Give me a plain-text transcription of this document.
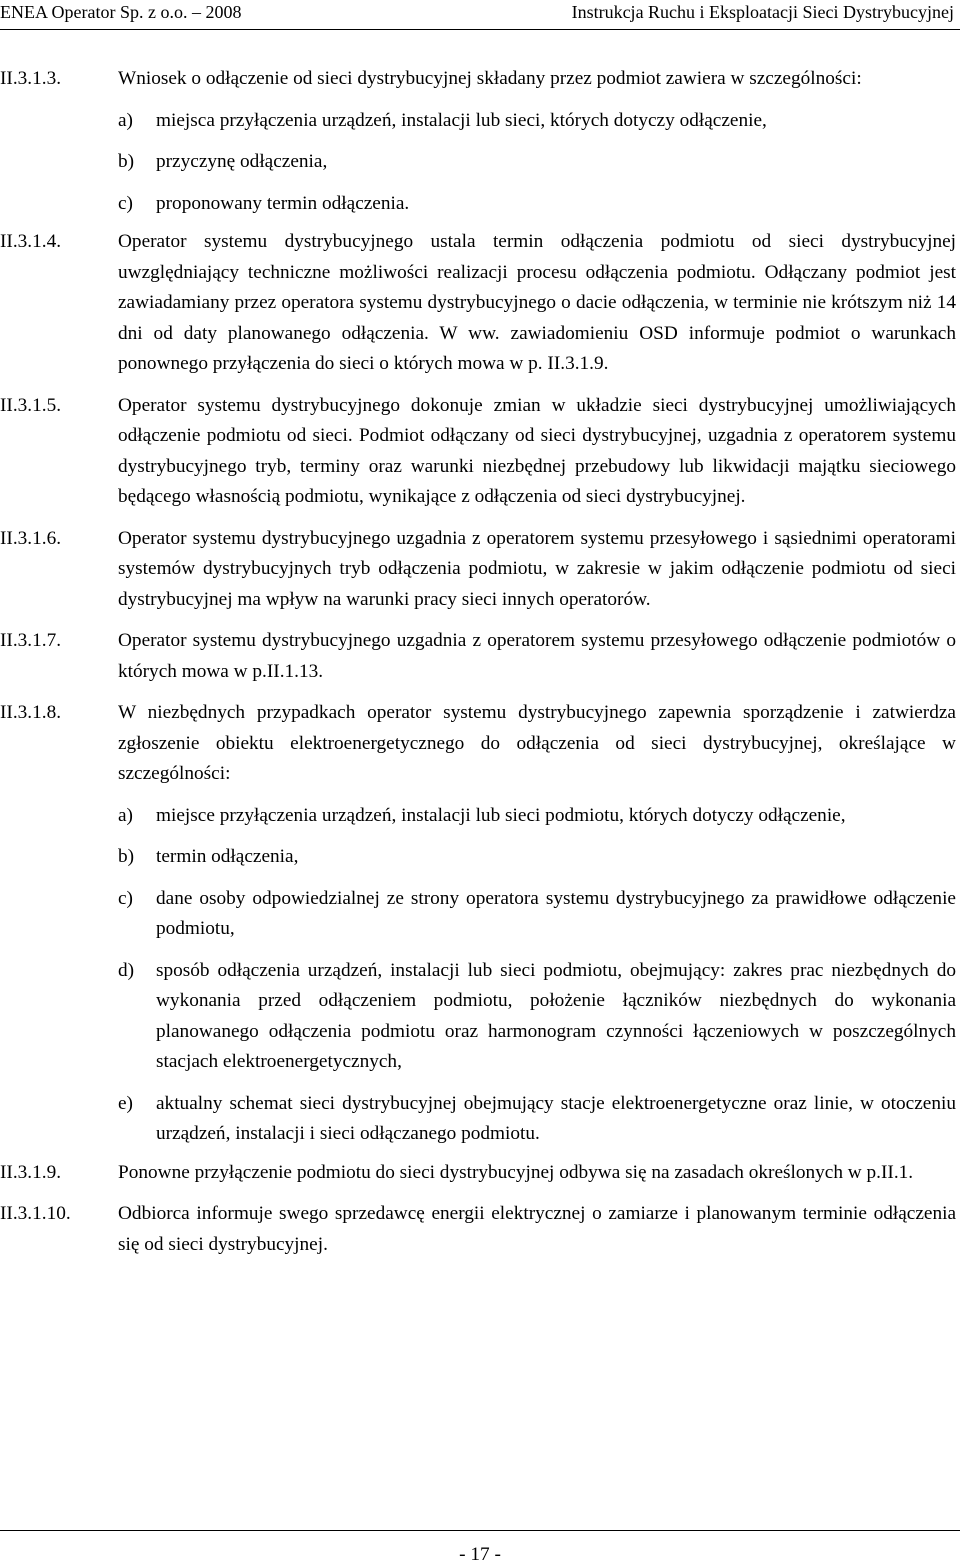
ENEA Operator Sp. z o.o. – 2008	Instrukcja Ruchu i Eksploatacji Sieci Dystrybucyjnej
II.3.1.3.	Wniosek o odłączenie od sieci dystrybucyjnej składany przez podmiot zawiera w szczególności:

a)	miejsca przyłączenia urządzeń, instalacji lub sieci, których dotyczy odłączenie,
b)	przyczynę odłączenia,
c)	proponowany termin odłączenia.
II.3.1.4.	Operator systemu dystrybucyjnego ustala termin odłączenia podmiotu od sieci dystrybucyjnej uwzględniający techniczne możliwości realizacji procesu odłączenia podmiotu. Odłączany podmiot jest zawiadamiany przez operatora systemu dystrybucyjnego o dacie odłączenia, w terminie nie krótszym niż 14 dni od daty planowanego odłączenia. W ww. zawiadomieniu OSD informuje podmiot o warunkach ponownego przyłączenia do sieci o których mowa w p. II.3.1.9.

II.3.1.5.	Operator systemu dystrybucyjnego dokonuje zmian w układzie sieci dystrybucyjnej umożliwiających odłączenie podmiotu od sieci. Podmiot odłączany od sieci dystrybucyjnej, uzgadnia z operatorem systemu dystrybucyjnego tryb, terminy oraz warunki niezbędnej przebudowy lub likwidacji majątku sieciowego będącego własnością podmiotu, wynikające z odłączenia od sieci dystrybucyjnej.

II.3.1.6.	Operator systemu dystrybucyjnego uzgadnia z operatorem systemu przesyłowego i sąsiednimi operatorami systemów dystrybucyjnych tryb odłączenia podmiotu, w zakresie w jakim odłączenie podmiotu od sieci dystrybucyjnej ma wpływ na warunki pracy sieci innych operatorów.

II.3.1.7.	Operator systemu dystrybucyjnego uzgadnia z operatorem systemu przesyłowego odłączenie podmiotów o których mowa w p.II.1.13.

II.3.1.8.	W niezbędnych przypadkach operator systemu dystrybucyjnego zapewnia sporządzenie i zatwierdza zgłoszenie obiektu elektroenergetycznego do odłączenia od sieci dystrybucyjnej, określające w szczególności:

a)	miejsce przyłączenia urządzeń, instalacji lub sieci podmiotu, których dotyczy odłączenie,
b)	termin odłączenia,
c)	dane osoby odpowiedzialnej ze strony operatora systemu dystrybucyjnego za prawidłowe odłączenie podmiotu,
d)	sposób odłączenia urządzeń, instalacji lub sieci podmiotu, obejmujący: zakres prac niezbędnych do wykonania przed odłączeniem podmiotu, położenie łączników niezbędnych do wykonania planowanego odłączenia podmiotu oraz harmonogram czynności łączeniowych w poszczególnych stacjach elektroenergetycznych,
e)	aktualny schemat sieci dystrybucyjnej obejmujący stacje elektroenergetyczne oraz linie, w otoczeniu urządzeń, instalacji i sieci odłączanego podmiotu.
II.3.1.9.	Ponowne przyłączenie podmiotu do sieci dystrybucyjnej odbywa się na zasadach określonych w p.II.1.

II.3.1.10.	Odbiorca informuje swego sprzedawcę energii elektrycznej o zamiarze i planowanym terminie odłączenia się od sieci dystrybucyjnej.

- 17 -
